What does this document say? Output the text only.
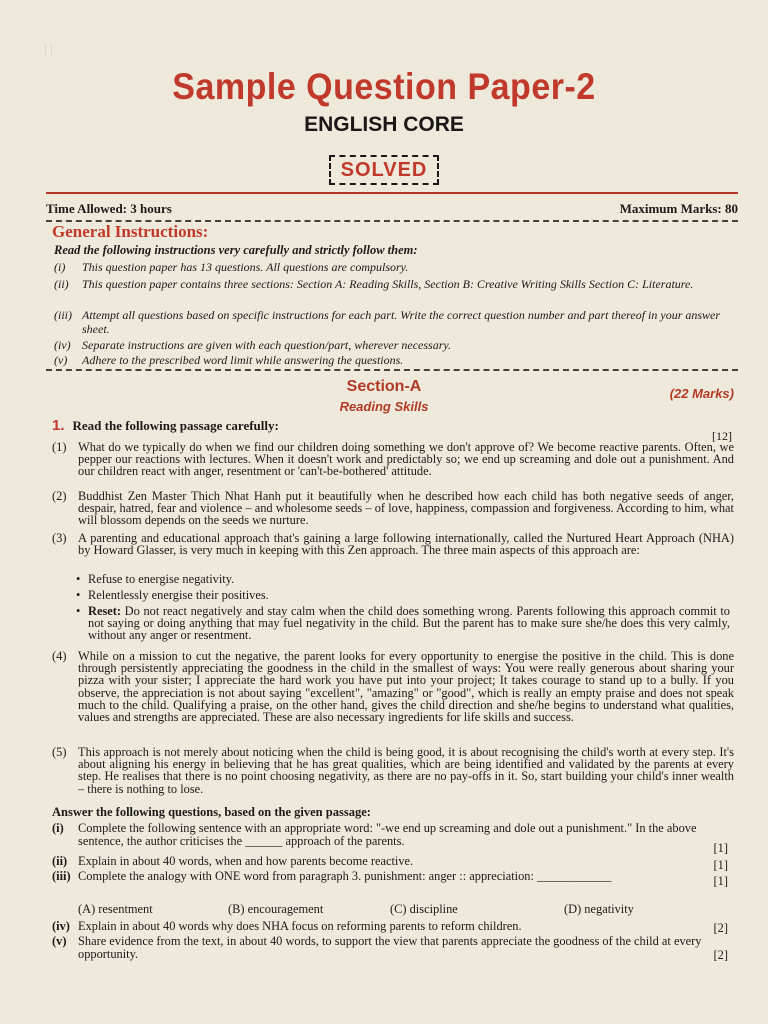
| |
Sample Question Paper-2
ENGLISH CORE
SOLVED
Time Allowed: 3 hours	Maximum Marks: 80
General Instructions:
Read the following instructions very carefully and strictly follow them:
(i) This question paper has 13 questions. All questions are compulsory.
(ii) This question paper contains three sections: Section A: Reading Skills, Section B: Creative Writing Skills Section C: Literature.
(iii) Attempt all questions based on specific instructions for each part. Write the correct question number and part thereof in your answer sheet.
(iv) Separate instructions are given with each question/part, wherever necessary.
(v) Adhere to the prescribed word limit while answering the questions.
Section-A	(22 Marks)
Reading Skills
1. Read the following passage carefully:
[12]
(1) What do we typically do when we find our children doing something we don't approve of? We become reactive parents. Often, we pepper our reactions with lectures. When it doesn't work and predictably so; we end up screaming and dole out a punishment. And our children react with anger, resentment or 'can't-be-bothered' attitude.
(2) Buddhist Zen Master Thich Nhat Hanh put it beautifully when he described how each child has both negative seeds of anger, despair, hatred, fear and violence – and wholesome seeds – of love, happiness, compassion and forgiveness. According to him, what will blossom depends on the seeds we nurture.
(3) A parenting and educational approach that's gaining a large following internationally, called the Nurtured Heart Approach (NHA) by Howard Glasser, is very much in keeping with this Zen approach. The three main aspects of this approach are:
• Refuse to energise negativity.
• Relentlessly energise their positives.
• Reset: Do not react negatively and stay calm when the child does something wrong. Parents following this approach commit to not saying or doing anything that may fuel negativity in the child. But the parent has to make sure she/he does this very calmly, without any anger or resentment.
(4) While on a mission to cut the negative, the parent looks for every opportunity to energise the positive in the child. This is done through persistently appreciating the goodness in the child in the smallest of ways: You were really generous about sharing your pizza with your sister; I appreciate the hard work you have put into your project; It takes courage to stand up to a bully. If you observe, the appreciation is not about saying "excellent", "amazing" or "good", which is really an empty praise and does not speak much to the child. Qualifying a praise, on the other hand, gives the child direction and she/he begins to understand what qualities, values and strengths are appreciated. These are also necessary ingredients for life skills and success.
(5) This approach is not merely about noticing when the child is being good, it is about recognising the child's worth at every step. It's about aligning his energy in believing that he has great qualities, which are being identified and validated by the parents at every step. He realises that there is no point choosing negativity, as there are no pay-offs in it. So, start building your child's inner wealth – there is nothing to lose.
Answer the following questions, based on the given passage:
(i) Complete the following sentence with an appropriate word: "-we end up screaming and dole out a punishment." In the above sentence, the author criticises the ______ approach of the parents.
[1]
(ii) Explain in about 40 words, when and how parents become reactive.	[1]
(iii) Complete the analogy with ONE word from paragraph 3. punishment: anger :: appreciation: ____________	[1]
(A) resentment	(B) encouragement	(C) discipline	(D) negativity
(iv) Explain in about 40 words why does NHA focus on reforming parents to reform children.	[2]
(v) Share evidence from the text, in about 40 words, to support the view that parents appreciate the goodness of the child at every opportunity.	[2]
